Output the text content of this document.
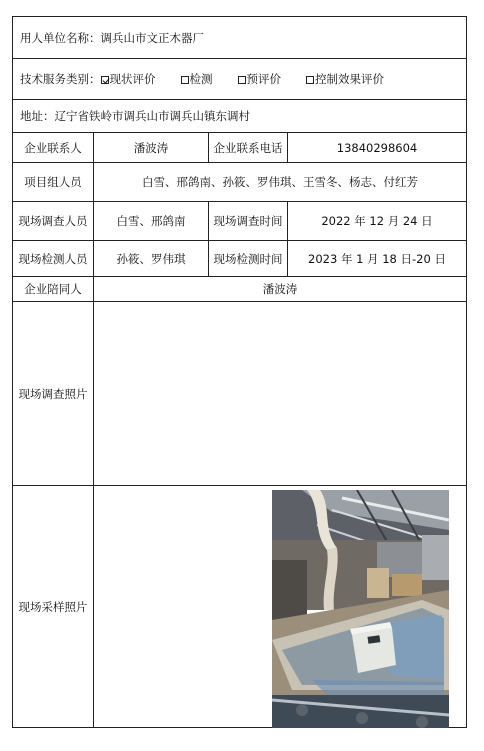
用人单位名称： 调兵山市文正木器厂
技术服务类别： 现状评价	检测	预评价	控制效果评价
地址： 辽宁省铁岭市调兵山市调兵山镇东调村
企业联系人	潘波涛	企业联系电话	13840298604
项目组人员	白雪、邢鸽南、孙筱、罗伟琪、王雪冬、杨志、付红芳
现场调查人员	白雪、邢鸽南	现场调查时间	2022 年 12 月 24 日
现场检测人员	孙筱、罗伟琪	现场检测时间	2023 年 1 月 18 日-20 日
企业陪同人	潘波涛
现场调查照片
现场采样照片
